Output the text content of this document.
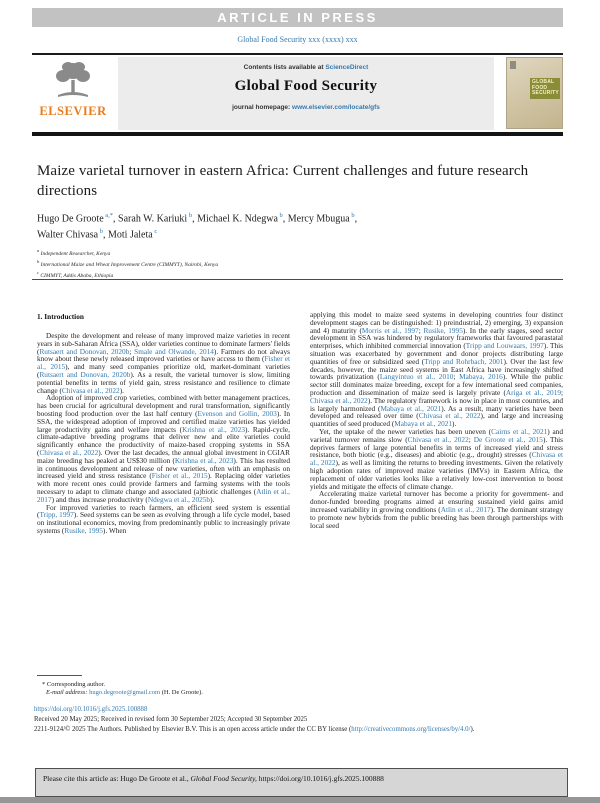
ARTICLE IN PRESS
Global Food Security xxx (xxxx) xxx
ELSEVIER
Contents lists available at ScienceDirect
Global Food Security
journal homepage: www.elsevier.com/locate/gfs
GLOBAL FOOD SECURITY
Maize varietal turnover in eastern Africa: Current challenges and future research directions
Hugo De Groote $^{a,*}$, Sarah W. Kariuki $^b$, Michael K. Ndegwa $^b$, Mercy Mbugua $^b$,
Walter Chivasa $^b$, Moti Jaleta $^c$
$^a$ Independent Researcher, Kenya
$^b$ International Maize and Wheat Improvement Centre (CIMMYT), Nairobi, Kenya
$^c$ CIMMYT, Addis Ababa, Ethiopia
1. Introduction

Despite the development and release of many improved maize varieties in recent years in sub-Saharan Africa (SSA), older varieties continue to dominate farmers' fields (Rutsaert and Donovan, 2020b; Smale and Olwande, 2014). Farmers do not always know about these newly released improved varieties or have access to them (Fisher et al., 2015), and many seed companies prioritize old, market-dominant varieties (Rutsaert and Donovan, 2020b). As a result, the varietal turnover is slow, limiting potential benefits in terms of yield gain, stress resistance and resilience to climate change (Chivasa et al., 2022).

Adoption of improved crop varieties, combined with better management practices, has been crucial for agricultural development and rural transformation, significantly boosting food production over the last half century (Evenson and Gollin, 2003). In SSA, the widespread adoption of improved and certified maize varieties has yielded large productivity gains and welfare impacts (Krishna et al., 2023). Rapid-cycle, climate-adaptive breeding programs that deliver new and elite varieties could significantly enhance the productivity of maize-based cropping systems in SSA (Chivasa et al., 2022). Over the last decades, the annual global investment in CGIAR maize breeding has peaked at US$30 million (Krishna et al., 2023). This has resulted in continuous development and release of new varieties, often with an emphasis on increased yield and stress resistance (Fisher et al., 2015). Replacing older varieties with more recent ones could provide farmers and farming systems with the tools necessary to adapt to climate change and associated (a)biotic challenges (Atlin et al., 2017) and thus increase productivity (Ndegwa et al., 2025b).

For improved varieties to reach farmers, an efficient seed system is essential (Tripp, 1997). Seed systems can be seen as evolving through a life cycle model, based on institutional economics, moving from predominantly public to increasingly private systems (Rusike, 1995). When

applying this model to maize seed systems in developing countries four distinct development stages can be distinguished: 1) preindustrial, 2) emerging, 3) expansion and 4) maturity (Morris et al., 1997; Rusike, 1995). In the early stages, seed sector development in SSA was hindered by regulatory frameworks that favoured parastatal enterprises, which inhibited commercial innovation (Tripp and Louwaars, 1997). This situation was exacerbated by government and donor projects distributing large quantities of free or subsidized seed (Tripp and Rohrbach, 2001). Over the last few decades, however, the maize seed systems in East Africa have increasingly shifted towards privatization (Langyintuo et al., 2010; Mabaya, 2016). While the public sector still dominates maize breeding, except for a few international seed companies, production and dissemination of maize seed is largely private (Ariga et al., 2019; Chivasa et al., 2022). The regulatory framework is now in place in most countries, and is largely harmonized (Mabaya et al., 2021). As a result, many varieties have been developed and released over time (Chivasa et al., 2022), and large and increasing quantities of seed produced (Mabaya et al., 2021).

Yet, the uptake of the newer varieties has been uneven (Cairns et al., 2021) and varietal turnover remains slow (Chivasa et al., 2022; De Groote et al., 2015). This deprives farmers of large potential benefits in terms of increased yield and stress resistance, both biotic (e.g., diseases) and abiotic (e.g., drought) stresses (Chivasa et al., 2022), as well as limiting the returns to breeding investments. Given the relatively high adoption rates of improved maize varieties (IMVs) in Eastern Africa, the replacement of older varieties looks like a relatively low-cost intervention to boost yields and mitigate the effects of climate change.

Accelerating maize varietal turnover has become a priority for government- and donor-funded breeding programs aimed at ensuring sustained yield gains amid increased variability in growing conditions (Atlin et al., 2017). The dominant strategy to promote new hybrids from the public breeding has been through partnerships with local seed

* Corresponding author.
E-mail address: hugo.degroote@gmail.com (H. De Groote).
https://doi.org/10.1016/j.gfs.2025.100888
Received 20 May 2025; Received in revised form 30 September 2025; Accepted 30 September 2025
2211-9124/© 2025 The Authors. Published by Elsevier B.V. This is an open access article under the CC BY license (http://creativecommons.org/licenses/by/4.0/).
Please cite this article as: Hugo De Groote et al., Global Food Security, https://doi.org/10.1016/j.gfs.2025.100888
